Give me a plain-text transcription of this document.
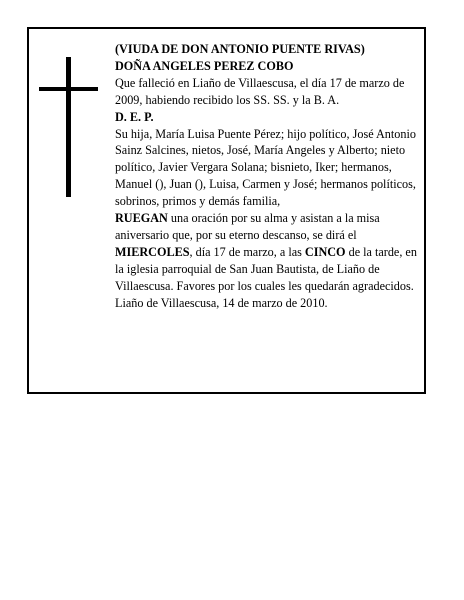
(VIUDA DE DON ANTONIO PUENTE RIVAS)

DOÑA ANGELES PEREZ COBO

Que falleció en Liaño de Villaescusa, el día 17 de marzo de 2009, habiendo recibido los SS. SS. y la B. A.

D. E. P.

Su hija, María Luisa Puente Pérez; hijo político, José Antonio Sainz Salcines, nietos, José, María Angeles y Alberto; nieto político, Javier Vergara Solana; bisnieto, Iker; hermanos, Manuel (), Juan (), Luisa, Carmen y José; hermanos políticos, sobrinos, primos y demás familia,

RUEGAN una oración por su alma y asistan a la misa aniversario que, por su eterno descanso, se dirá el MIERCOLES, día 17 de marzo, a las CINCO de la tarde, en la iglesia parroquial de San Juan Bautista, de Liaño de Villaescusa. Favores por los cuales les quedarán agradecidos.

Liaño de Villaescusa, 14 de marzo de 2010.
